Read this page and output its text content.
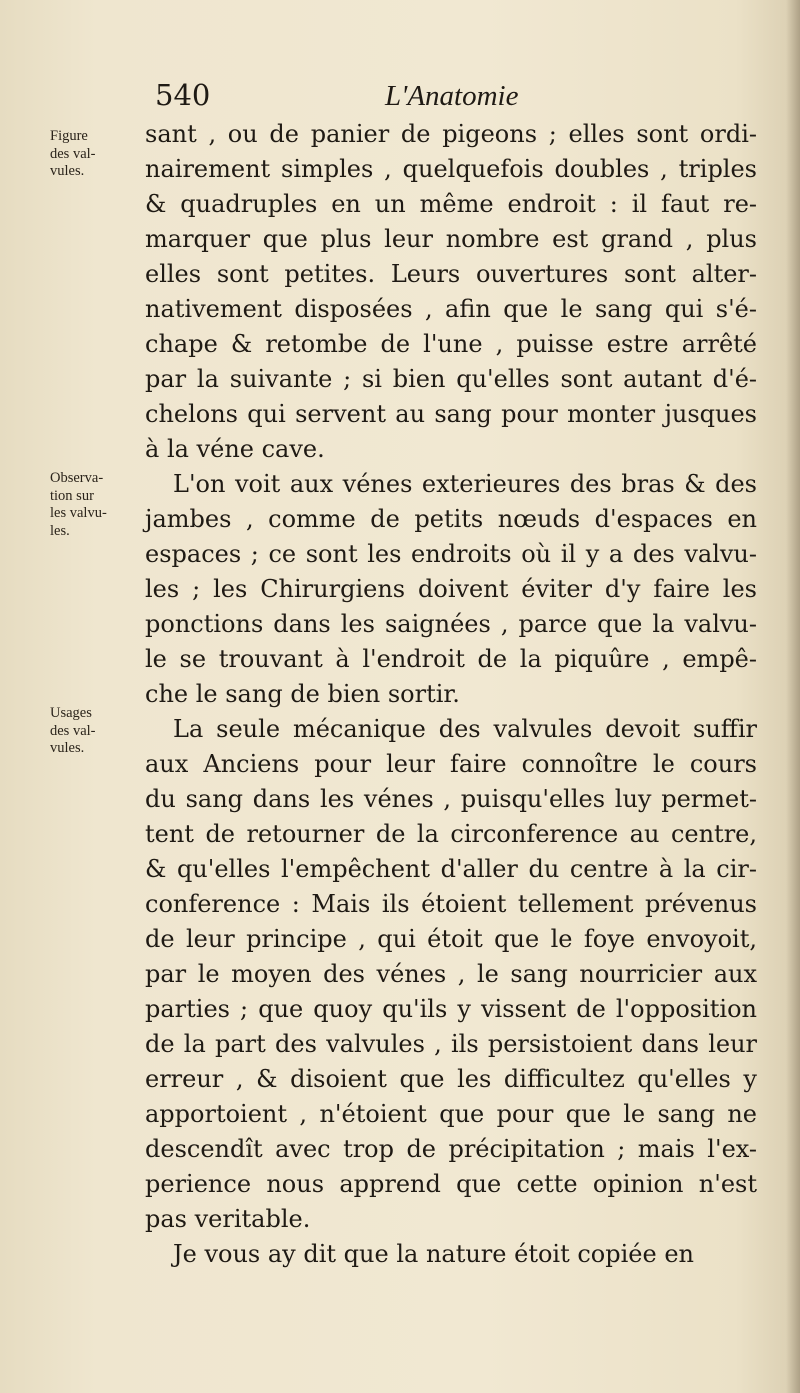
540	L'Anatomie
Figure
des val-
vules.
Observa-
tion sur
les valvu-
les.
Usages
des val-
vules.
sant , ou de panier de pigeons ; elles sont ordi-
nairement simples , quelquefois doubles , triples
& quadruples en un même endroit : il faut re-
marquer que plus leur nombre est grand , plus
elles sont petites. Leurs ouvertures sont alter-
nativement disposées , afin que le sang qui s'é-
chape & retombe de l'une , puisse estre arrêté
par la suivante ; si bien qu'elles sont autant d'é-
chelons qui servent au sang pour monter jusques
à la véne cave.
L'on voit aux vénes exterieures des bras & des
jambes , comme de petits nœuds d'espaces en
espaces ; ce sont les endroits où il y a des valvu-
les ; les Chirurgiens doivent éviter d'y faire les
ponctions dans les saignées , parce que la valvu-
le se trouvant à l'endroit de la piquûre , empê-
che le sang de bien sortir.
La seule mécanique des valvules devoit suffir
aux Anciens pour leur faire connoître le cours
du sang dans les vénes , puisqu'elles luy permet-
tent de retourner de la circonference au centre,
& qu'elles l'empêchent d'aller du centre à la cir-
conference : Mais ils étoient tellement prévenus
de leur principe , qui étoit que le foye envoyoit,
par le moyen des vénes , le sang nourricier aux
parties ; que quoy qu'ils y vissent de l'opposition
de la part des valvules , ils persistoient dans leur
erreur , & disoient que les difficultez qu'elles y
apportoient , n'étoient que pour que le sang ne
descendît avec trop de précipitation ; mais l'ex-
perience nous apprend que cette opinion n'est
pas veritable.
Je vous ay dit que la nature étoit copiée en
